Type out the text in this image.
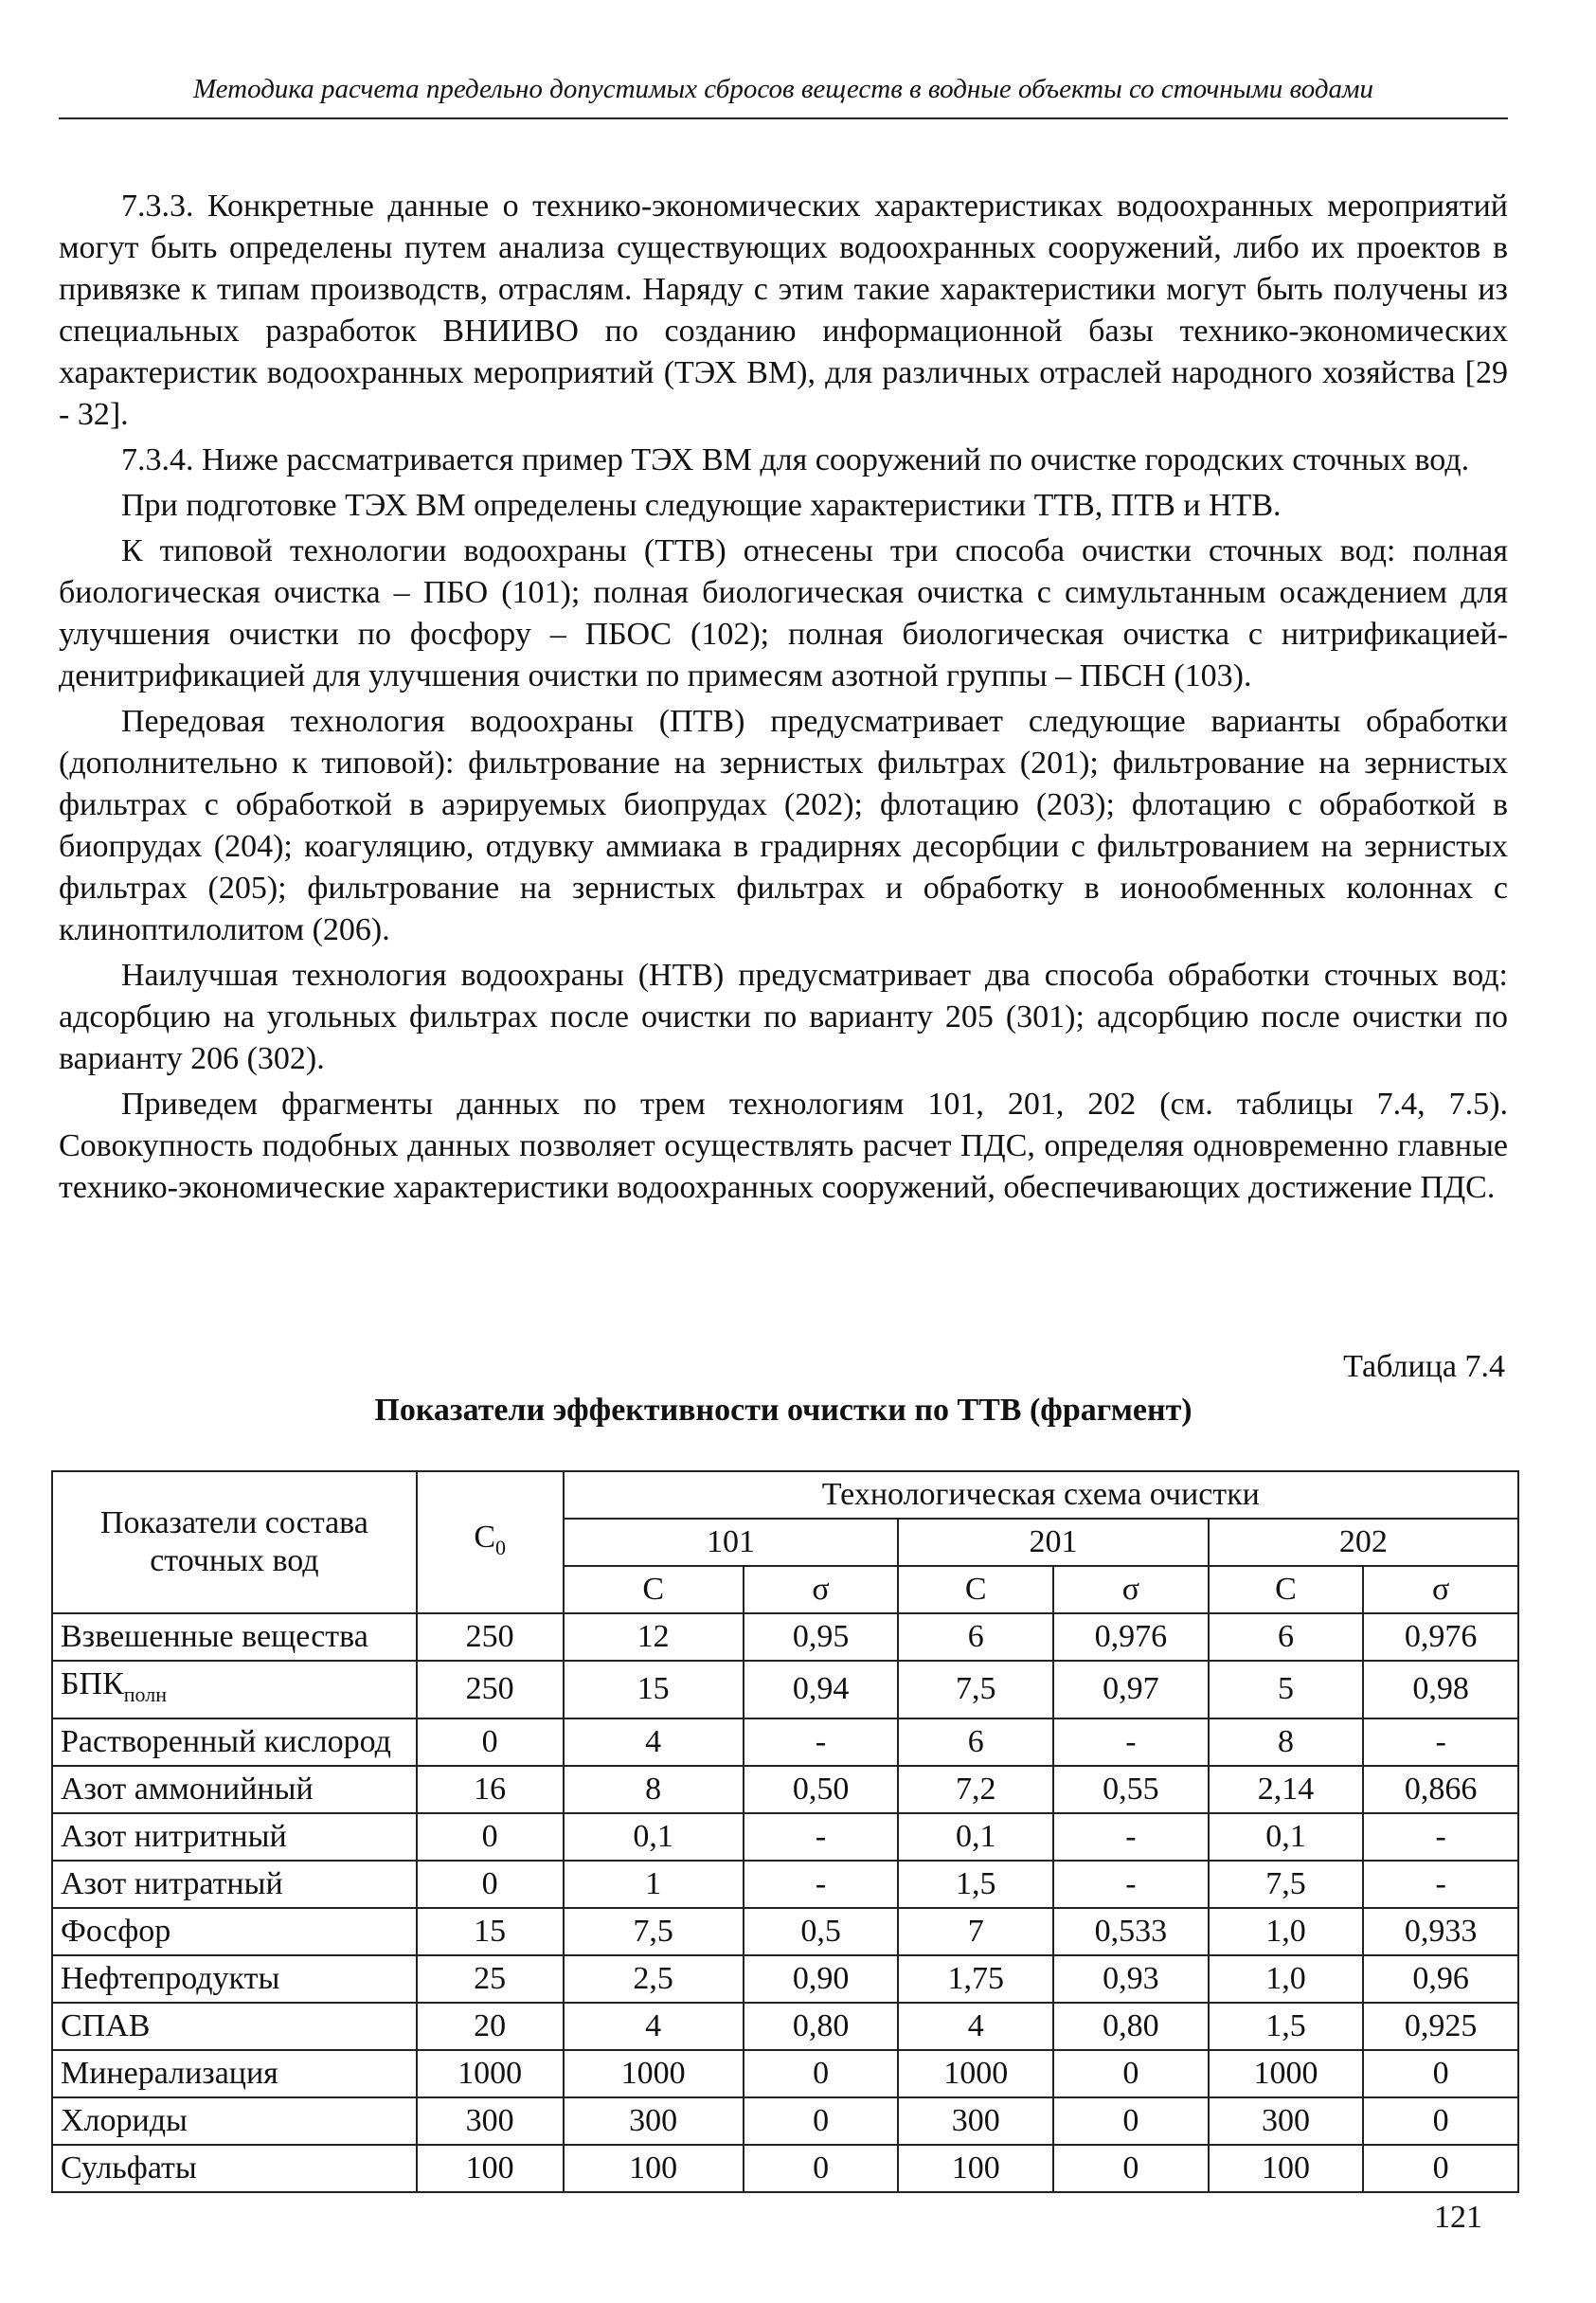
Методика расчета предельно допустимых сбросов веществ в водные объекты со сточными водами

7.3.3. Конкретные данные о технико-экономических характеристиках водоохранных мероприятий могут быть определены путем анализа существующих водоохранных сооружений, либо их проектов в привязке к типам производств, отраслям. Наряду с этим такие характеристики могут быть получены из специальных разработок ВНИИВО по созданию информационной базы технико-экономических характеристик водоохранных мероприятий (ТЭХ ВМ), для различных отраслей народного хозяйства [29 - 32].

7.3.4. Ниже рассматривается пример ТЭХ ВМ для сооружений по очистке городских сточных вод.

При подготовке ТЭХ ВМ определены следующие характеристики ТТВ, ПТВ и НТВ.

К типовой технологии водоохраны (ТТВ) отнесены три способа очистки сточных вод: полная биологическая очистка – ПБО (101); полная биологическая очистка с симультанным осаждением для улучшения очистки по фосфору – ПБОС (102); полная биологическая очистка с нитрификацией-денитрификацией для улучшения очистки по примесям азотной группы – ПБСН (103).

Передовая технология водоохраны (ПТВ) предусматривает следующие варианты обработки (дополнительно к типовой): фильтрование на зернистых фильтрах (201); фильтрование на зернистых фильтрах с обработкой в аэрируемых биопрудах (202); флотацию (203); флотацию с обработкой в биопрудах (204); коагуляцию, отдувку аммиака в градирнях десорбции с фильтрованием на зернистых фильтрах (205); фильтрование на зернистых фильтрах и обработку в ионообменных колоннах с клиноптилолитом (206).

Наилучшая технология водоохраны (НТВ) предусматривает два способа обработки сточных вод: адсорбцию на угольных фильтрах после очистки по варианту 205 (301); адсорбцию после очистки по варианту 206 (302).

Приведем фрагменты данных по трем технологиям 101, 201, 202 (см. таблицы 7.4, 7.5). Совокупность подобных данных позволяет осуществлять расчет ПДС, определяя одновременно главные технико-экономические характеристики водоохранных сооружений, обеспечивающих достижение ПДС.

Таблица 7.4
Показатели эффективности очистки по ТТВ (фрагмент)
Показатели состава сточных вод	$C_0$	Технологическая схема очистки					
		101		201		202	
		C	σ	C	σ	C	σ
Взвешенные вещества	250	12	0,95	6	0,976	6	0,976
$БПК_{полн}$	250	15	0,94	7,5	0,97	5	0,98
Растворенный кислород	0	4	-	6	-	8	-
Азот аммонийный	16	8	0,50	7,2	0,55	2,14	0,866
Азот нитритный	0	0,1	-	0,1	-	0,1	-
Азот нитратный	0	1	-	1,5	-	7,5	-
Фосфор	15	7,5	0,5	7	0,533	1,0	0,933
Нефтепродукты	25	2,5	0,90	1,75	0,93	1,0	0,96
СПАВ	20	4	0,80	4	0,80	1,5	0,925
Минерализация	1000	1000	0	1000	0	1000	0
Хлориды	300	300	0	300	0	300	0
Сульфаты	100	100	0	100	0	100	0
121
